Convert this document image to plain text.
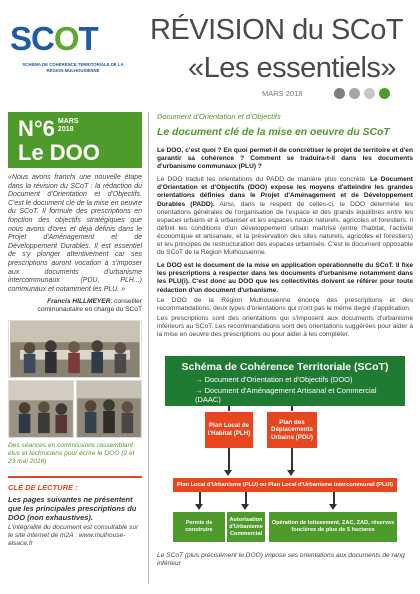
SCOT
SCHÉMA DE COHÉRENCE TERRITORIALE DE LA RÉGION MULHOUSIENNE
RÉVISION du SCoT
«Les essentiels»
MARS 2018
N°6 $^{MARS 2018}$
Le DOO
«Nous avons franchi une nouvelle étape dans la révision du SCoT : la rédaction du Document d'Orientation et d'Objectifs. C'est le document clé de la mise en oeuvre du SCoT. Il formule des prescriptions en fonction des objectifs stratégiques que nous avons d'ores et déjà définis dans le Projet d'Aménagement et de Développement Durables. Il est essentiel de s'y plonger attentivement car ses prescriptions auront vocation à s'imposer aux documents d'urbanisme intercommunaux (PDU, PLH...) communaux et notamment les PLU. »
Francis HILLMEYER, conseiller communautaire en charge du SCoT
Des séances en commissions rassemblant élus et techniciens pour écrire le DOO (2 et 23 mai 2016)
CLÉ DE LECTURE :
Les pages suivantes ne présentent que les principales prescriptions du DOO (non exhaustives).
L'intégralité du document est consultable sur le site internet de m2A : www.mulhouse-alsace.fr
Document d'Orientation et d'Objectifs
Le document clé de la mise en oeuvre du SCoT

Le DOO, c'est quoi ? En quoi permet-il de concrétiser le projet de territoire et d'en garantir sa cohérence ? Comment se traduira-t-il dans les documents d'urbanisme communaux (PLU) ?

Le DOO traduit les orientations du PADD de manière plus concrète. Le Document d'Orientation et d'Objectifs (DOO) expose les moyens d'atteindre les grandes orientations définies dans le Projet d'Aménagement et de Développement Durables (PADD). Ainsi, dans le respect de celles-ci, le DOO détermine les orientations générales de l'organisation de l'espace et des grands équilibres entre les espaces urbains et à urbaniser et les espaces ruraux naturels, agricoles et forestiers. Il définit les conditions d'un développement urbain maîtrisé (entre l'habitat, l'activité économique et artisanale, et la préservation des sites naturels, agricoles et forestiers) et les principes de restructuration des espaces urbanisés. C'est le document opposable du SCoT de la Région Mulhousienne.

Le DOO est le document de la mise en application opérationnelle du SCoT. Il fixe les prescriptions à respecter dans les documents d'urbanisme notamment dans les PLU(i). C'est donc au DOO que les collectivités doivent se référer pour toute rédaction d'un document d'urbanisme.

Le DOO de la Région Mulhousienne énonce des prescriptions et des recommandations, deux types d'orientations qui n'ont pas le même degré d'application.

Les prescriptions sont des orientations qui s'imposent aux documents d'urbanisme inférieurs au SCoT. Les recommandations sont des orientations suggérées pour aider à la mise en oeuvre des prescriptions ou pour aider à les compléter.

Schéma de Cohérence Territoriale (SCoT)
→ Document d'Orientation et d'Objectifs (DOO)
→ Document d'Aménagement Artisanal et Commercial (DAAC)
Plan Local de l'Habitat (PLH)
Plan des Déplacements Urbains (PDU)
Plan Local d'Urbanisme (PLU) ou Plan Local d'Urbanisme Intercommunal (PLUI)
Permis de construire
Autorisation d'Urbanisme Commercial
Opération de lotissement, ZAC, ZAD, réserves foncières de plus de 5 hectares
Le SCoT (plus précisément le DOO) impose ses orientations aux documents de rang inférieur
